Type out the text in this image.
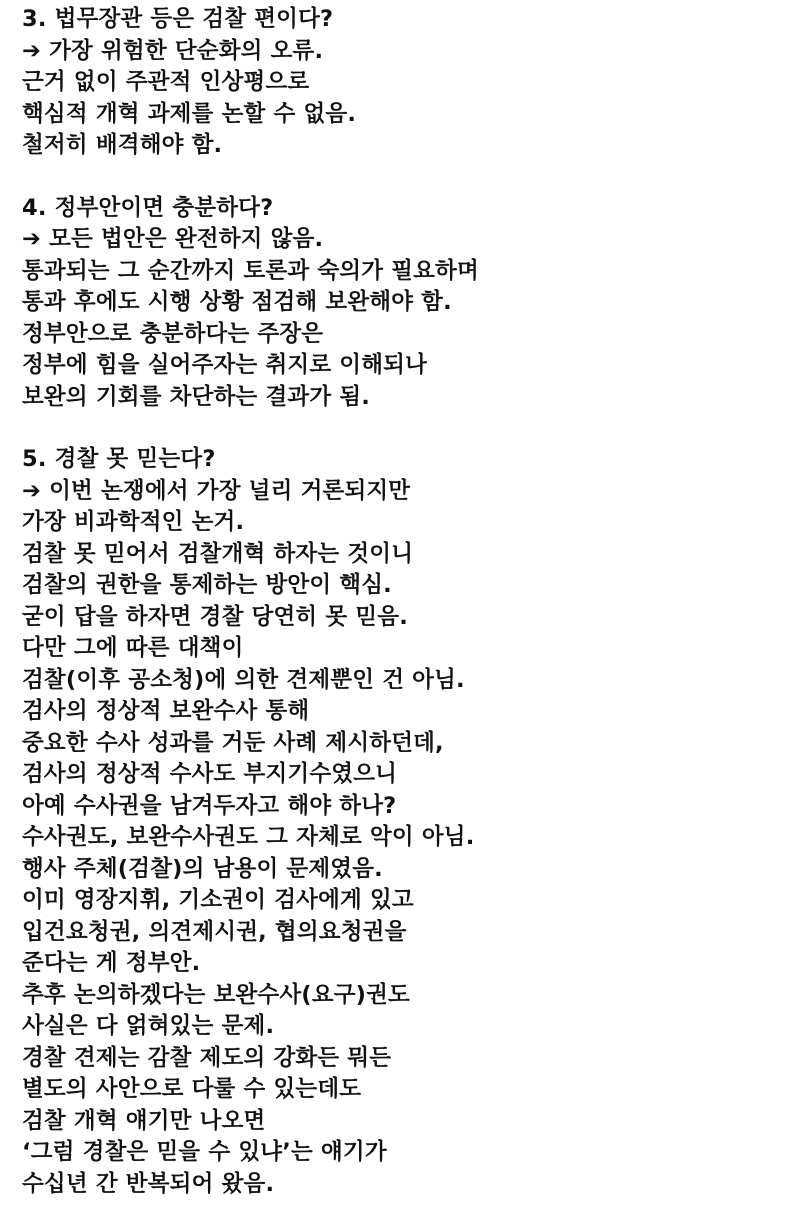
3. 법무장관 등은 검찰 편이다?
➔ 가장 위험한 단순화의 오류.
근거 없이 주관적 인상평으로
핵심적 개혁 과제를 논할 수 없음.
철저히 배격해야 함.
4. 정부안이면 충분하다?
➔ 모든 법안은 완전하지 않음.
통과되는 그 순간까지 토론과 숙의가 필요하며
통과 후에도 시행 상황 점검해 보완해야 함.
정부안으로 충분하다는 주장은
정부에 힘을 실어주자는 취지로 이해되나
보완의 기회를 차단하는 결과가 됨.
5. 경찰 못 믿는다?
➔ 이번 논쟁에서 가장 널리 거론되지만
가장 비과학적인 논거.
검찰 못 믿어서 검찰개혁 하자는 것이니
검찰의 권한을 통제하는 방안이 핵심.
굳이 답을 하자면 경찰 당연히 못 믿음.
다만 그에 따른 대책이
검찰(이후 공소청)에 의한 견제뿐인 건 아님.
검사의 정상적 보완수사 통해
중요한 수사 성과를 거둔 사례 제시하던데,
검사의 정상적 수사도 부지기수였으니
아예 수사권을 남겨두자고 해야 하나?
수사권도, 보완수사권도 그 자체로 악이 아님.
행사 주체(검찰)의 남용이 문제였음.
이미 영장지휘, 기소권이 검사에게 있고
입건요청권, 의견제시권, 협의요청권을
준다는 게 정부안.
추후 논의하겠다는 보완수사(요구)권도
사실은 다 얽혀있는 문제.
경찰 견제는 감찰 제도의 강화든 뭐든
별도의 사안으로 다룰 수 있는데도
검찰 개혁 얘기만 나오면
‘그럼 경찰은 믿을 수 있냐’는 얘기가
수십년 간 반복되어 왔음.
